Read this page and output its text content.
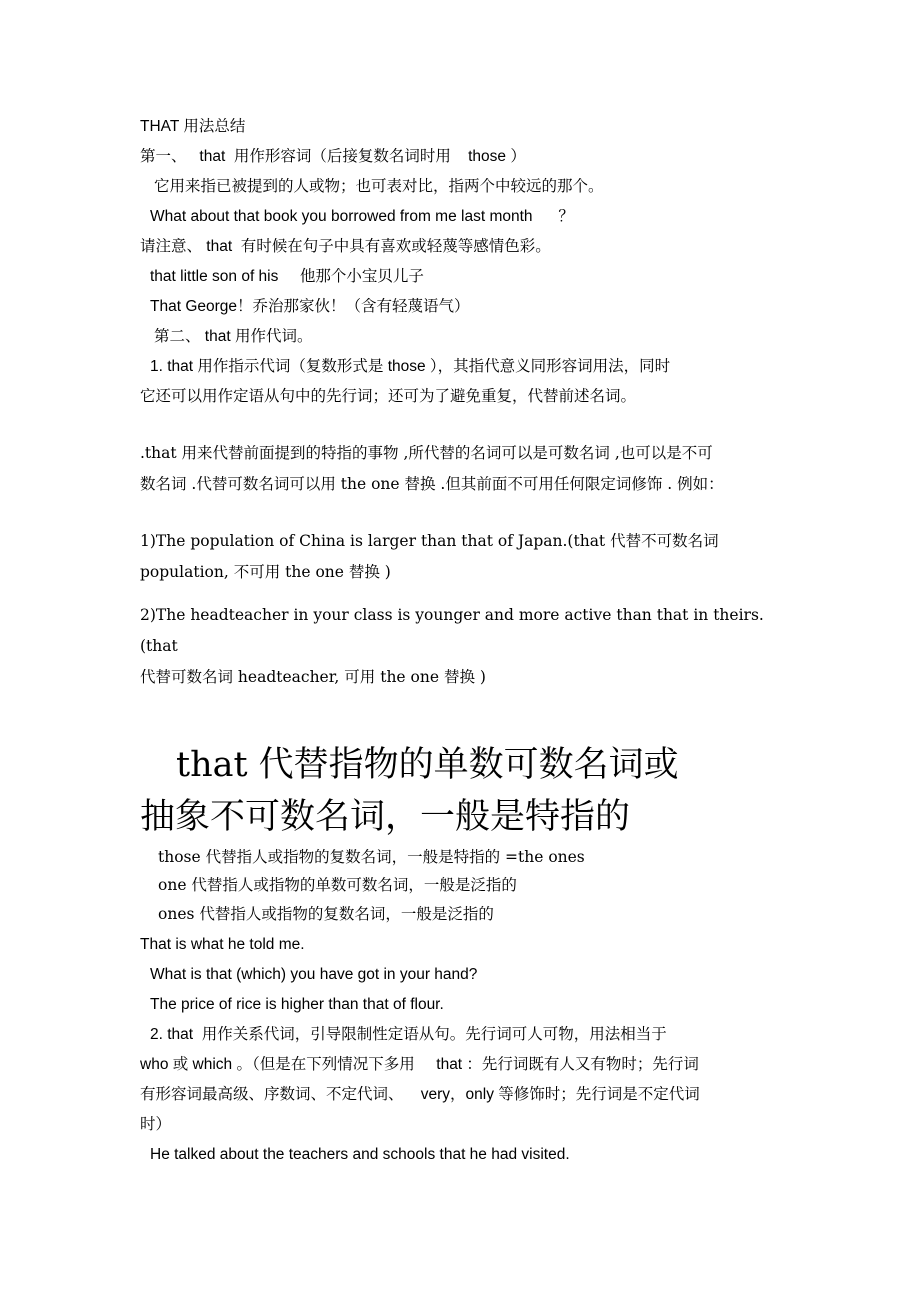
THAT 用法总结
第一、   that  用作形容词（后接复数名词时用    those ）
它用来指已被提到的人或物；也可表对比，指两个中较远的那个。
What about that book you borrowed from me last month      ？
请注意、 that  有时候在句子中具有喜欢或轻蔑等感情色彩。
that little son of his     他那个小宝贝儿子
That George！乔治那家伙！（含有轻蔑语气）
第二、 that 用作代词。
1. that 用作指示代词（复数形式是 those ），其指代意义同形容词用法，同时
它还可以用作定语从句中的先行词；还可为了避免重复，代替前述名词。
.that 用来代替前面提到的特指的事物 ,所代替的名词可以是可数名词 ,也可以是不可
数名词 .代替可数名词可以用 the one 替换 .但其前面不可用任何限定词修饰 . 例如：
1)The population of China is larger than that of Japan.(that 代替不可数名词
population, 不可用 the one 替换 )
2)The headteacher in your class is younger and more active than that in theirs.(that
代替可数名词 headteacher, 可用 the one 替换 )
that 代替指物的单数可数名词或
抽象不可数名词，一般是特指的
those 代替指人或指物的复数名词，一般是特指的 =the ones
one 代替指人或指物的单数可数名词，一般是泛指的
ones 代替指人或指物的复数名词，一般是泛指的
That is what he told me.
What is that (which) you have got in your hand?
The price of rice is higher than that of flour.
2. that  用作关系代词，引导限制性定语从句。先行词可人可物，用法相当于
who 或 which 。（但是在下列情况下多用     that ：先行词既有人又有物时；先行词
有形容词最高级、序数词、不定代词、    very，only 等修饰时；先行词是不定代词
时）
He talked about the teachers and schools that he had visited.
